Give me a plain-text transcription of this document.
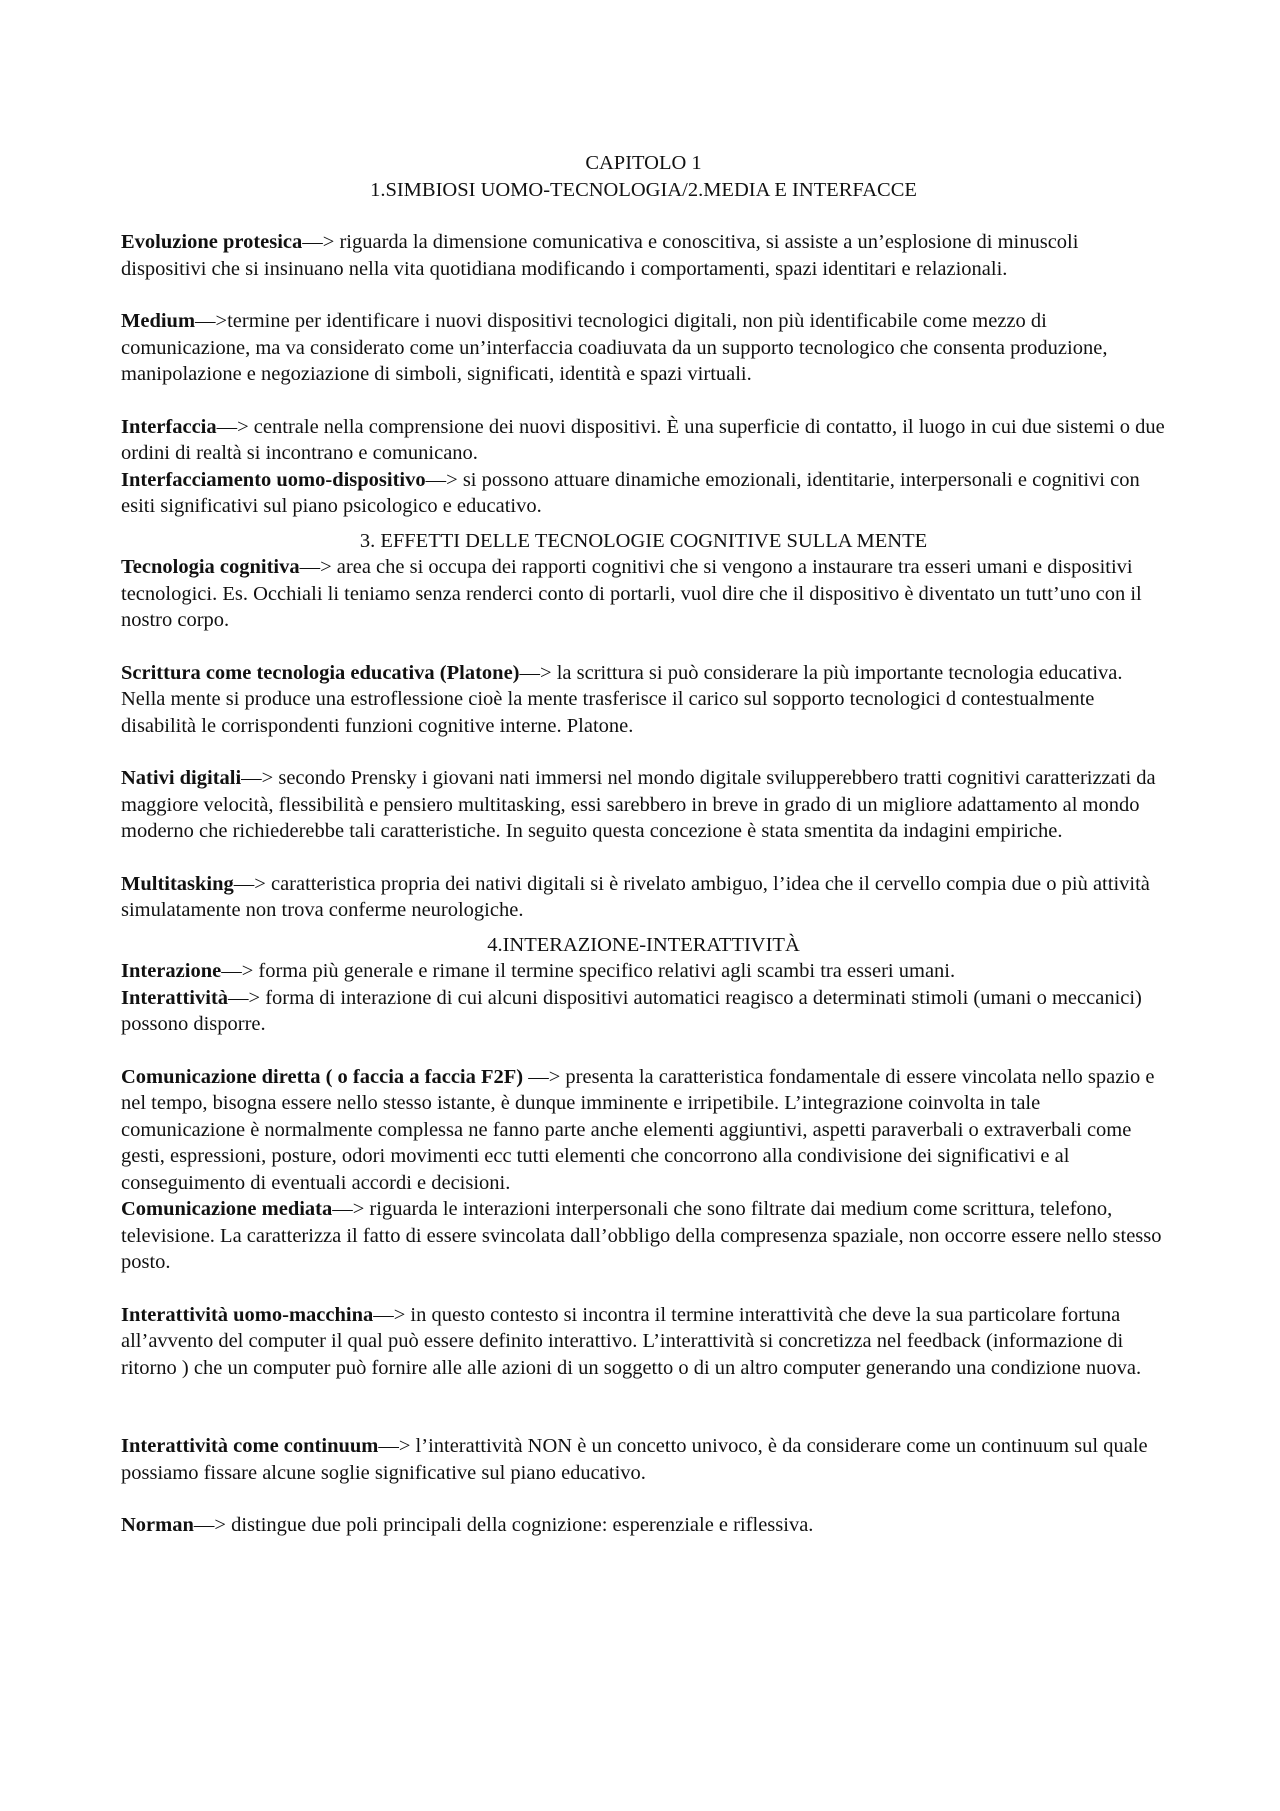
CAPITOLO 1
1.SIMBIOSI UOMO-TECNOLOGIA/2.MEDIA E INTERFACCE

Evoluzione protesica—> riguarda la dimensione comunicativa e conoscitiva, si assiste a un’esplosione di minuscoli dispositivi che si insinuano nella vita quotidiana modificando i comportamenti, spazi identitari e relazionali.

Medium—>termine per identificare i nuovi dispositivi tecnologici digitali, non più identificabile come mezzo di comunicazione, ma va considerato come un’interfaccia coadiuvata da un supporto tecnologico che consenta produzione, manipolazione e negoziazione di simboli, significati, identità e spazi virtuali.

Interfaccia—> centrale nella comprensione dei nuovi dispositivi. È una superficie di contatto, il luogo in cui due sistemi o due ordini di realtà si incontrano e comunicano.

Interfacciamento uomo-dispositivo—> si possono attuare dinamiche emozionali, identitarie, interpersonali e cognitivi con esiti significativi sul piano psicologico e educativo.

3. EFFETTI DELLE TECNOLOGIE COGNITIVE SULLA MENTE

Tecnologia cognitiva—> area che si occupa dei rapporti cognitivi che si vengono a instaurare tra esseri umani e dispositivi tecnologici. Es. Occhiali li teniamo senza renderci conto di portarli, vuol dire che il dispositivo è diventato un tutt’uno con il nostro corpo.

Scrittura come tecnologia educativa (Platone)—> la scrittura si può considerare la più importante tecnologia educativa. Nella mente si produce una estroflessione cioè la mente trasferisce il carico sul sopporto tecnologici d contestualmente disabilità le corrispondenti funzioni cognitive interne. Platone.

Nativi digitali—> secondo Prensky i giovani nati immersi nel mondo digitale svilupperebbero tratti cognitivi caratterizzati da maggiore velocità, flessibilità e pensiero multitasking, essi sarebbero in breve in grado di un migliore adattamento al mondo moderno che richiederebbe tali caratteristiche. In seguito questa concezione è stata smentita da indagini empiriche.

Multitasking—> caratteristica propria dei nativi digitali si è rivelato ambiguo, l’idea che il cervello compia due o più attività simulatamente non trova conferme neurologiche.

4.INTERAZIONE-INTERATTIVITÀ

Interazione—> forma più generale e rimane il termine specifico relativi agli scambi tra esseri umani.

Interattività—> forma di interazione di cui alcuni dispositivi automatici reagisco a determinati stimoli (umani o meccanici) possono disporre.

Comunicazione diretta ( o faccia a faccia F2F) —> presenta la caratteristica fondamentale di essere vincolata nello spazio e nel tempo, bisogna essere nello stesso istante, è dunque imminente e irripetibile. L’integrazione coinvolta in tale comunicazione è normalmente complessa ne fanno parte anche elementi aggiuntivi, aspetti paraverbali o extraverbali come gesti, espressioni, posture, odori movimenti ecc tutti elementi che concorrono alla condivisione dei significativi e al conseguimento di eventuali accordi e decisioni.

Comunicazione mediata—> riguarda le interazioni interpersonali che sono filtrate dai medium come scrittura, telefono, televisione. La caratterizza il fatto di essere svincolata dall’obbligo della compresenza spaziale, non occorre essere nello stesso posto.

Interattività uomo-macchina—> in questo contesto si incontra il termine interattività che deve la sua particolare fortuna all’avvento del computer il qual può essere definito interattivo. L’interattività si concretizza nel feedback (informazione di ritorno ) che un computer può fornire alle alle azioni di un soggetto o di un altro computer generando una condizione nuova.

Interattività come continuum—> l’interattività NON è un concetto univoco, è da considerare come un continuum sul quale possiamo fissare alcune soglie significative sul piano educativo.

Norman—> distingue due poli principali della cognizione: esperenziale e riflessiva.
